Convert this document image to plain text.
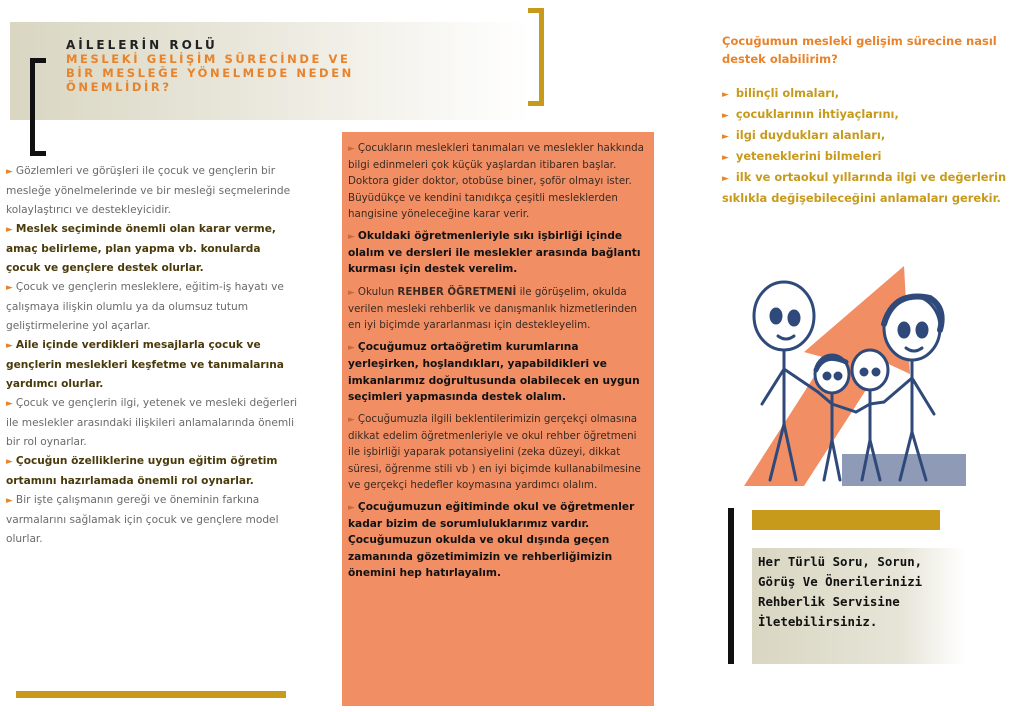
AİLELERİN ROLÜ
MESLEKİ GELİŞİM SÜRECİNDE VE BİR MESLEĞE YÖNELMEDE NEDEN ÖNEMLİDİR?
► Gözlemleri ve görüşleri ile çocuk ve gençlerin bir mesleğe yönelmelerinde ve bir mesleği seçmelerinde kolaylaştırıcı ve destekleyicidir.
► Meslek seçiminde önemli olan karar verme, amaç belirleme, plan yapma vb. konularda çocuk ve gençlere destek olurlar.
► Çocuk ve gençlerin mesleklere, eğitim-iş hayatı ve çalışmaya ilişkin olumlu ya da olumsuz tutum geliştirmelerine yol açarlar.
► Aile içinde verdikleri mesajlarla çocuk ve gençlerin meslekleri keşfetme ve tanımalarına yardımcı olurlar.
► Çocuk ve gençlerin ilgi, yetenek ve mesleki değerleri ile meslekler arasındaki ilişkileri anlamalarında önemli bir rol oynarlar.
► Çocuğun özelliklerine uygun eğitim öğretim ortamını hazırlamada önemli rol oynarlar.
► Bir işte çalışmanın gereği ve öneminin farkına varmalarını sağlamak için çocuk ve gençlere model olurlar.
► Çocukların meslekleri tanımaları ve meslekler hakkında bilgi edinmeleri çok küçük yaşlardan itibaren başlar. Doktora gider doktor, otobüse biner, şoför olmayı ister. Büyüdükçe ve kendini tanıdıkça çeşitli mesleklerden hangisine yöneleceğine karar verir.
► Okuldaki öğretmenleriyle sıkı işbirliği içinde olalım ve dersleri ile meslekler arasında bağlantı kurması için destek verelim.
► Okulun REHBER ÖĞRETMENİ ile görüşelim, okulda verilen mesleki rehberlik ve danışmanlık hizmetlerinden en iyi biçimde yararlanması için destekleyelim.
► Çocuğumuz ortaöğretim kurumlarına yerleşirken, hoşlandıkları, yapabildikleri ve imkanlarımız doğrultusunda olabilecek en uygun seçimleri yapmasında destek olalım.
► Çocuğumuzla ilgili beklentilerimizin gerçekçi olmasına dikkat edelim öğretmenleriyle ve okul rehber öğretmeni ile işbirliği yaparak potansiyelini (zeka düzeyi, dikkat süresi, öğrenme stili vb ) en iyi biçimde kullanabilmesine ve gerçekçi hedefler koymasına yardımcı olalım.
► Çocuğumuzun eğitiminde okul ve öğretmenler kadar bizim de sorumluluklarımız vardır. Çocuğumuzun okulda ve okul dışında geçen zamanında gözetimimizin ve rehberliğimizin önemini hep hatırlayalım.
Çocuğumun mesleki gelişim sürecine nasıl destek olabilirim?
► bilinçli olmaları,
► çocuklarının ihtiyaçlarını,
► ilgi duydukları alanları,
► yeteneklerini bilmeleri
► ilk ve ortaokul yıllarında ilgi ve değerlerin sıklıkla değişebileceğini anlamaları gerekir.
Her Türlü Soru, Sorun, Görüş Ve Önerilerinizi Rehberlik Servisine İletebilirsiniz.
